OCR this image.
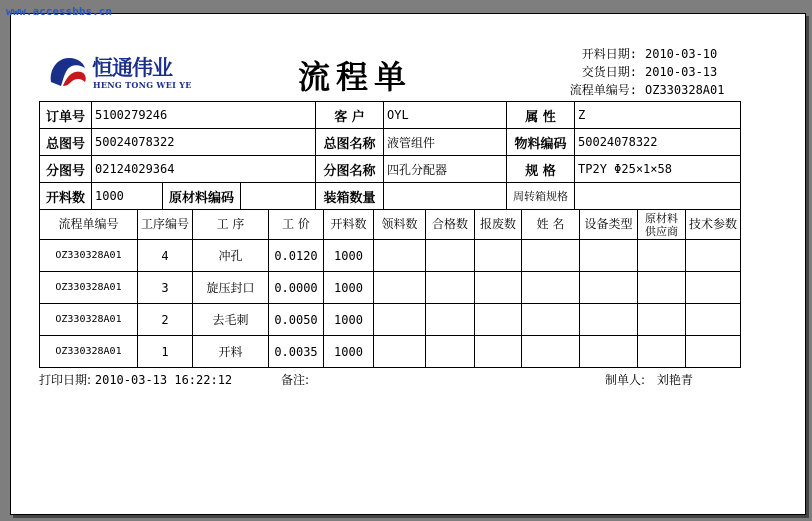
www.accessbbs.cn
恒通伟业
HENG TONG WEI YE	流程单
开料日期: 2010-03-10
交货日期: 2010-03-13
流程单编号: OZ330328A01
订单号	5100279246			客 户	OYL	属 性	Z
总图号	50024078322			总图名称	液管组件	物料编码	50024078322
分图号	02124029364			分图名称	四孔分配器	规 格	TP2Y Φ25×1×58
开料数	1000	原材料编码		装箱数量		周转箱规格	
流程单编号	工序编号	工 序	工 价	开料数	领料数	合格数	报废数	姓 名	设备类型	原材料供应商	技术参数
OZ330328A01	4	冲孔	0.0120	1000							
OZ330328A01	3	旋压封口	0.0000	1000							
OZ330328A01	2	去毛刺	0.0050	1000							
OZ330328A01	1	开料	0.0035	1000							
打印日期: 2010-03-13 16:22:12	备注:	制单人: 刘艳青
